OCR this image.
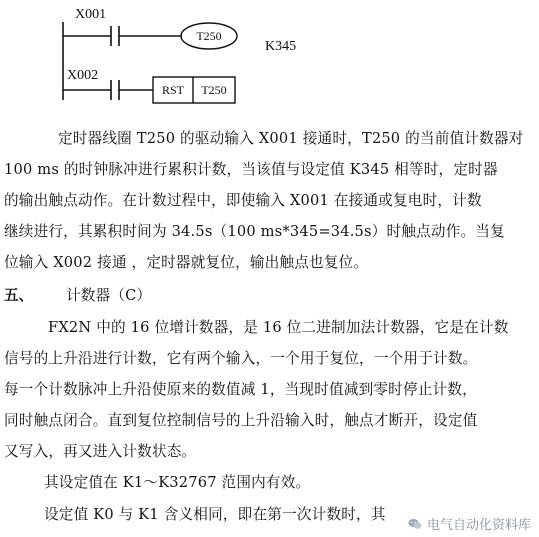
X001
T250
K345
X002
RST T250
定时器线圈 T250 的驱动输入 X001 接通时，T250 的当前值计数器对
100 ms 的时钟脉冲进行累积计数，当该值与设定值 K345 相等时，定时器
的输出触点动作。在计数过程中，即使输入 X001 在接通或复电时，计数
继续进行，其累积时间为 34.5s（100 ms*345=34.5s）时触点动作。当复
位输入 X002 接通 ，定时器就复位，输出触点也复位。
五、 计数器（C）
FX2N 中的 16 位增计数器，是 16 位二进制加法计数器，它是在计数
信号的上升沿进行计数，它有两个输入，一个用于复位，一个用于计数。
每一个计数脉冲上升沿使原来的数值减 1，当现时值减到零时停止计数，
同时触点闭合。直到复位控制信号的上升沿输入时，触点才断开，设定值
又写入，再又进入计数状态。
其设定值在 K1～K32767 范围内有效。
设定值 K0 与 K1 含义相同，即在第一次计数时，其
电气自动化资料库
